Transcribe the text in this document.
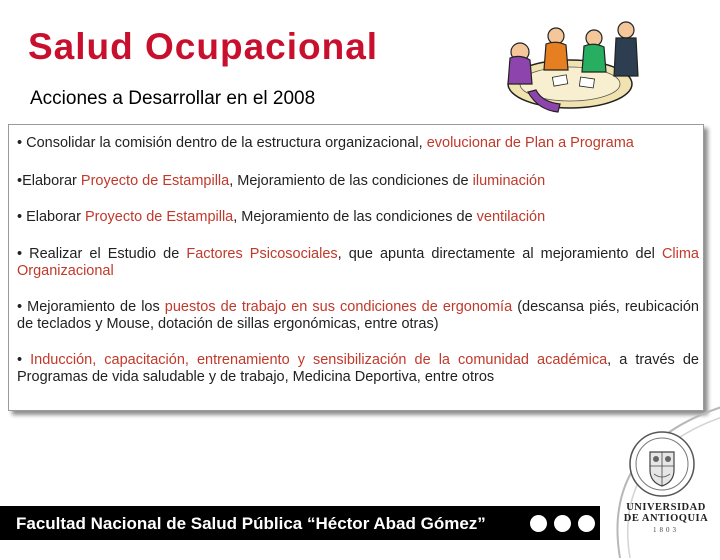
Salud Ocupacional
Acciones a Desarrollar en el 2008
• Consolidar la comisión dentro de la estructura organizacional, evolucionar de Plan a Programa
•Elaborar Proyecto de Estampilla, Mejoramiento de las condiciones de iluminación
• Elaborar Proyecto de Estampilla, Mejoramiento de las condiciones de ventilación
• Realizar el Estudio de Factores Psicosociales, que apunta directamente al mejoramiento del Clima Organizacional
• Mejoramiento de los puestos de trabajo en sus condiciones de ergonomía (descansa piés, reubicación de teclados y Mouse, dotación de sillas ergonómicas, entre otras)
• Inducción, capacitación, entrenamiento y sensibilización de la comunidad académica, a través de Programas de vida saludable y de trabajo, Medicina Deportiva, entre otros
Facultad Nacional de Salud Pública “Héctor Abad Gómez”
UNIVERSIDAD
DE ANTIOQUIA
1803
